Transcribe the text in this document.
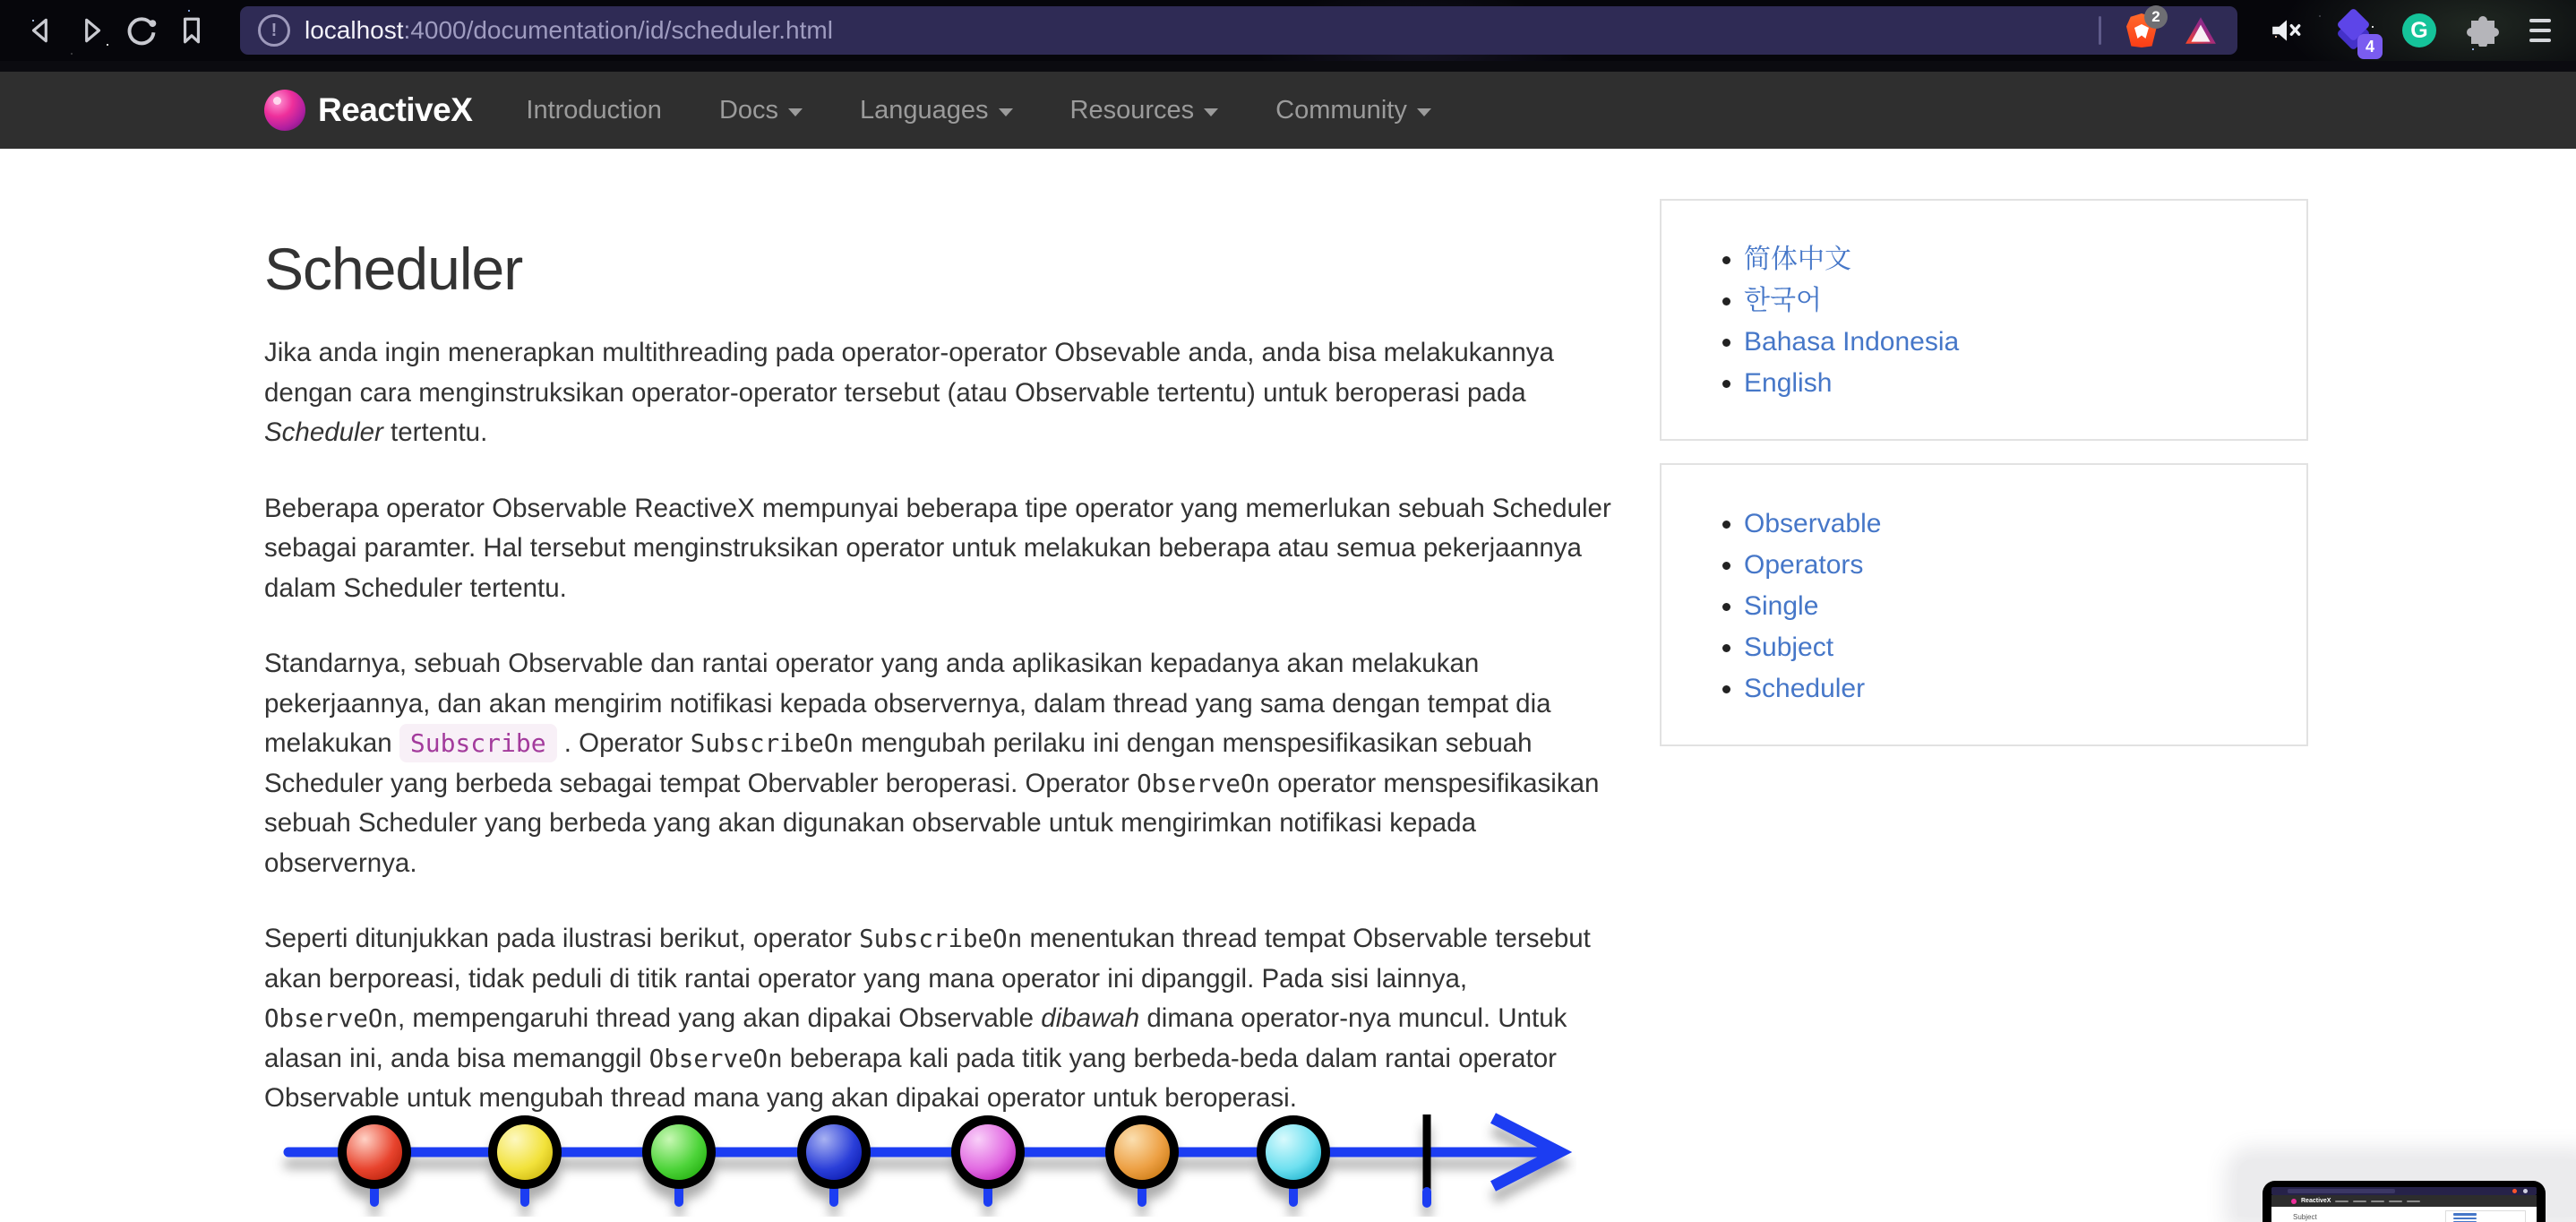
!	localhost :4000/documentation/id/scheduler.html	2
4
G
ReactiveX Introduction Docs	Languages	Resources	Community
Scheduler

Jika anda ingin menerapkan multithreading pada operator-operator Obsevable anda, anda bisa melakukannya dengan cara menginstruksikan operator-operator tersebut (atau Observable tertentu) untuk beroperasi pada Scheduler tertentu.

Beberapa operator Observable ReactiveX mempunyai beberapa tipe operator yang memerlukan sebuah Scheduler sebagai paramter. Hal tersebut menginstruksikan operator untuk melakukan beberapa atau semua pekerjaannya dalam Scheduler tertentu.

Standarnya, sebuah Observable dan rantai operator yang anda aplikasikan kepadanya akan melakukan pekerjaannya, dan akan mengirim notifikasi kepada observernya, dalam thread yang sama dengan tempat dia melakukan Subscribe . Operator SubscribeOn mengubah perilaku ini dengan menspesifikasikan sebuah Scheduler yang berbeda sebagai tempat Obervabler beroperasi. Operator ObserveOn operator menspesifikasikan sebuah Scheduler yang berbeda yang akan digunakan observable untuk mengirimkan notifikasi kepada observernya.

Seperti ditunjukkan pada ilustrasi berikut, operator SubscribeOn menentukan thread tempat Observable tersebut akan berporeasi, tidak peduli di titik rantai operator yang mana operator ini dipanggil. Pada sisi lainnya, ObserveOn, mempengaruhi thread yang akan dipakai Observable dibawah dimana operator-nya muncul. Untuk alasan ini, anda bisa memanggil ObserveOn beberapa kali pada titik yang berbeda-beda dalam rantai operator Observable untuk mengubah thread mana yang akan dipakai operator untuk beroperasi.

• 简体中文
• 한국어
• Bahasa Indonesia
• English
• Observable
• Operators
• Single
• Subject
• Scheduler
ReactiveX
Subject
